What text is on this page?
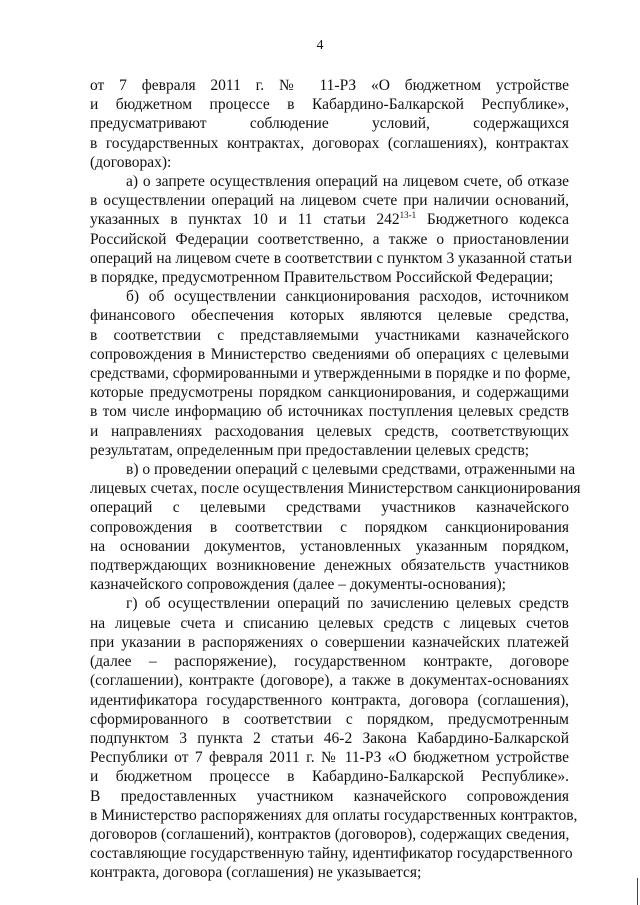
4

от 7 февраля 2011 г. № 11-РЗ «О бюджетном устройстве
и бюджетном процессе в Кабардино-Балкарской Республике»,
предусматривают соблюдение условий, содержащихся
в государственных контрактах, договорах (соглашениях), контрактах
(договорах):

а) о запрете осуществления операций на лицевом счете, об отказе
в осуществлении операций на лицевом счете при наличии оснований,
указанных в пунктах 10 и 11 статьи 242$^{13-1}$ Бюджетного кодекса
Российской Федерации соответственно, а также о приостановлении
операций на лицевом счете в соответствии с пунктом 3 указанной статьи
в порядке, предусмотренном Правительством Российской Федерации;

б) об осуществлении санкционирования расходов, источником
финансового обеспечения которых являются целевые средства,
в соответствии с представляемыми участниками казначейского
сопровождения в Министерство сведениями об операциях с целевыми
средствами, сформированными и утвержденными в порядке и по форме,
которые предусмотрены порядком санкционирования, и содержащими
в том числе информацию об источниках поступления целевых средств
и направлениях расходования целевых средств, соответствующих
результатам, определенным при предоставлении целевых средств;

в) о проведении операций с целевыми средствами, отраженными на
лицевых счетах, после осуществления Министерством санкционирования
операций с целевыми средствами участников казначейского
сопровождения в соответствии с порядком санкционирования
на основании документов, установленных указанным порядком,
подтверждающих возникновение денежных обязательств участников
казначейского сопровождения (далее – документы-основания);

г) об осуществлении операций по зачислению целевых средств
на лицевые счета и списанию целевых средств с лицевых счетов
при указании в распоряжениях о совершении казначейских платежей
(далее – распоряжение), государственном контракте, договоре
(соглашении), контракте (договоре), а также в документах-основаниях
идентификатора государственного контракта, договора (соглашения),
сформированного в соответствии с порядком, предусмотренным
подпунктом 3 пункта 2 статьи 46-2 Закона Кабардино-Балкарской
Республики от 7 февраля 2011 г. № 11-РЗ «О бюджетном устройстве
и бюджетном процессе в Кабардино-Балкарской Республике».
В предоставленных участником казначейского сопровождения
в Министерство распоряжениях для оплаты государственных контрактов,
договоров (соглашений), контрактов (договоров), содержащих сведения,
составляющие государственную тайну, идентификатор государственного
контракта, договора (соглашения) не указывается;
